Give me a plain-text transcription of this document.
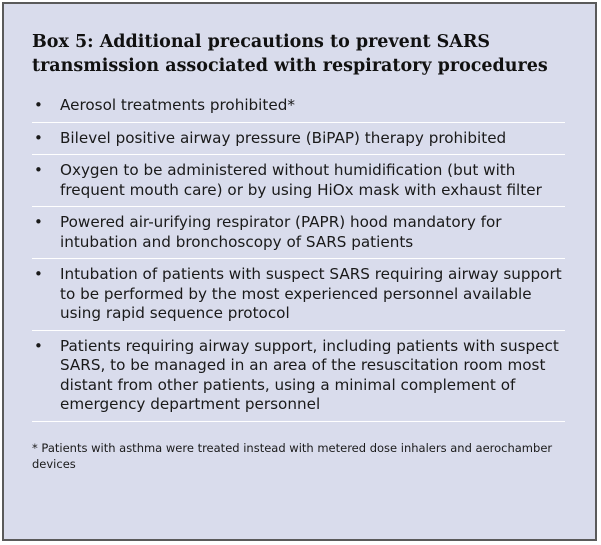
Box 5: Additional precautions to prevent SARS
transmission associated with respiratory procedures
• Aerosol treatments prohibited*
• Bilevel positive airway pressure (BiPAP) therapy prohibited
• Oxygen to be administered without humidification (but with frequent mouth care) or by using HiOx mask with exhaust filter
• Powered air-urifying respirator (PAPR) hood mandatory for intubation and bronchoscopy of SARS patients
• Intubation of patients with suspect SARS requiring airway support to be performed by the most experienced personnel available using rapid sequence protocol
• Patients requiring airway support, including patients with suspect SARS, to be managed in an area of the resuscitation room most distant from other patients, using a minimal complement of emergency department personnel
* Patients with asthma were treated instead with metered dose inhalers and aerochamber devices
